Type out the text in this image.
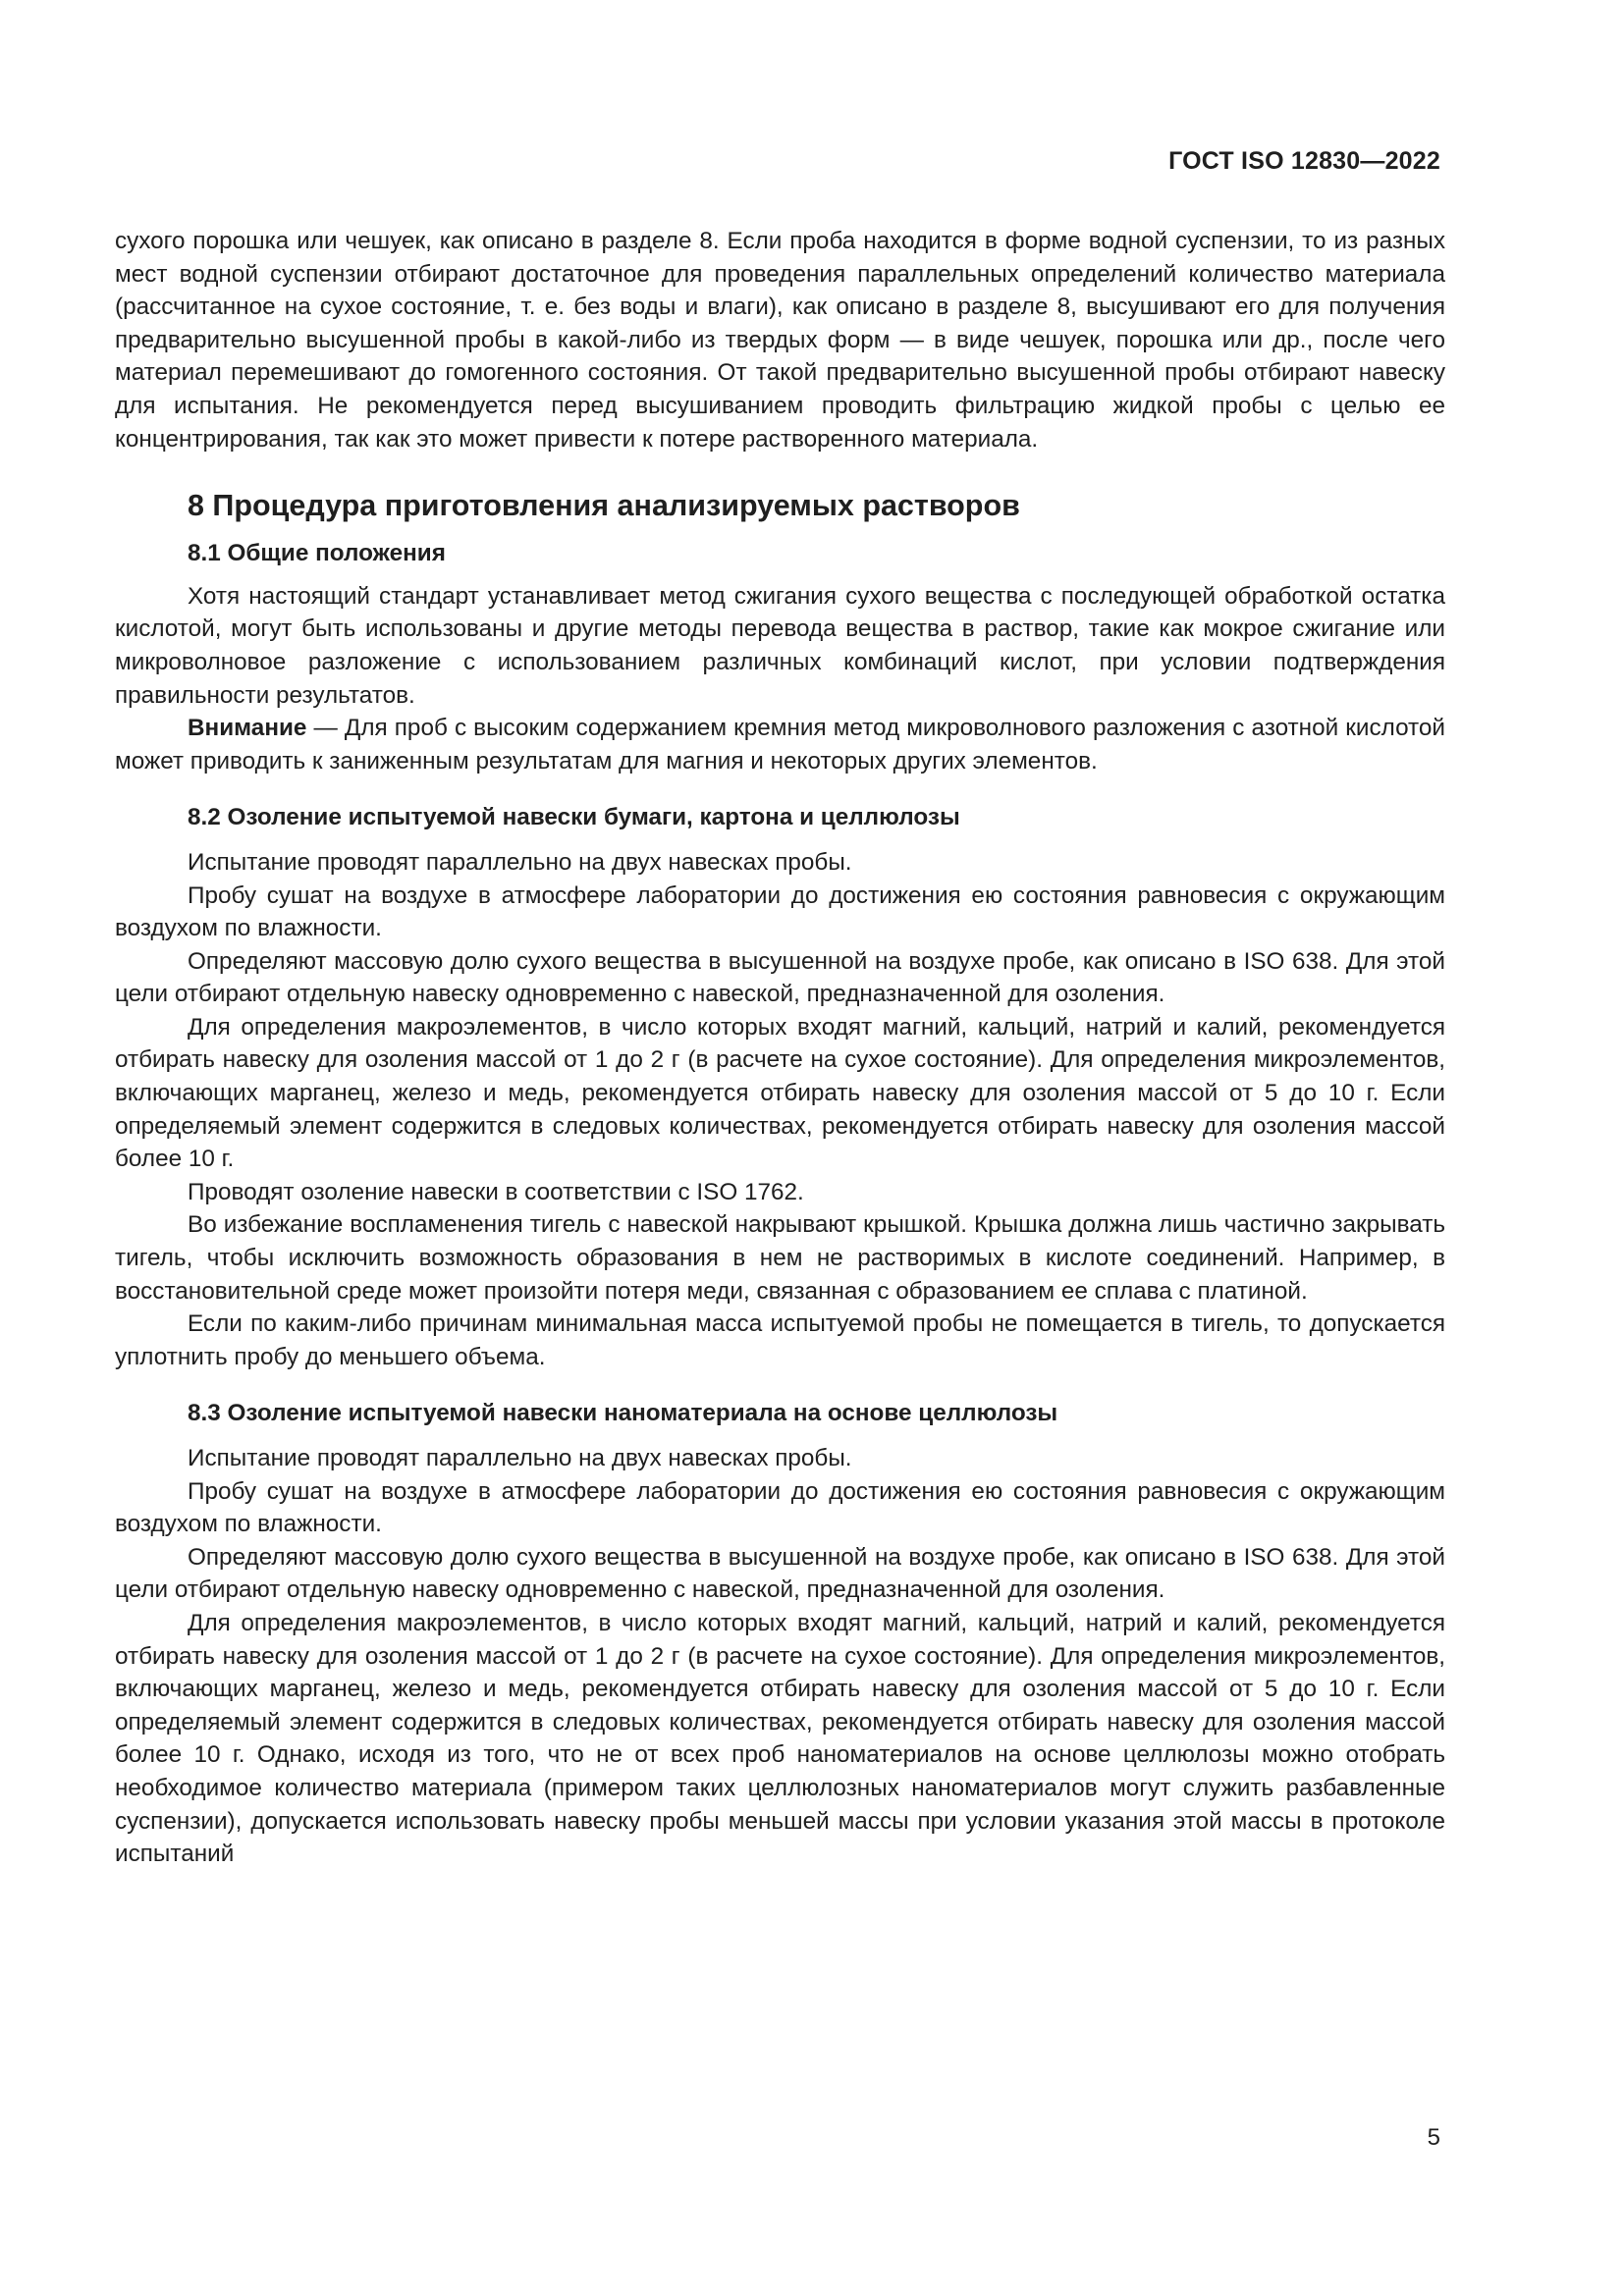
ГОСТ ISO 12830—2022

сухого порошка или чешуек, как описано в разделе 8. Если проба находится в форме водной суспензии, то из разных мест водной суспензии отбирают достаточное для проведения параллельных определений количество материала (рассчитанное на сухое состояние, т. е. без воды и влаги), как описано в разделе 8, высушивают его для получения предварительно высушенной пробы в какой-либо из твердых форм — в виде чешуек, порошка или др., после чего материал перемешивают до гомогенного состояния. От такой предварительно высушенной пробы отбирают навеску для испытания. Не рекомендуется перед высушиванием проводить фильтрацию жидкой пробы с целью ее концентрирования, так как это может привести к потере растворенного материала.

8 Процедура приготовления анализируемых растворов
8.1 Общие положения

Хотя настоящий стандарт устанавливает метод сжигания сухого вещества с последующей обработкой остатка кислотой, могут быть использованы и другие методы перевода вещества в раствор, такие как мокрое сжигание или микроволновое разложение с использованием различных комбинаций кислот, при условии подтверждения правильности результатов.

Внимание — Для проб с высоким содержанием кремния метод микроволнового разложения с азотной кислотой может приводить к заниженным результатам для магния и некоторых других элементов.

8.2 Озоление испытуемой навески бумаги, картона и целлюлозы

Испытание проводят параллельно на двух навесках пробы.

Пробу сушат на воздухе в атмосфере лаборатории до достижения ею состояния равновесия с окружающим воздухом по влажности.

Определяют массовую долю сухого вещества в высушенной на воздухе пробе, как описано в ISO 638. Для этой цели отбирают отдельную навеску одновременно с навеской, предназначенной для озоления.

Для определения макроэлементов, в число которых входят магний, кальций, натрий и калий, рекомендуется отбирать навеску для озоления массой от 1 до 2 г (в расчете на сухое состояние). Для определения микроэлементов, включающих марганец, железо и медь, рекомендуется отбирать навеску для озоления массой от 5 до 10 г. Если определяемый элемент содержится в следовых количествах, рекомендуется отбирать навеску для озоления массой более 10 г.

Проводят озоление навески в соответствии с ISO 1762.

Во избежание воспламенения тигель с навеской накрывают крышкой. Крышка должна лишь частично закрывать тигель, чтобы исключить возможность образования в нем не растворимых в кислоте соединений. Например, в восстановительной среде может произойти потеря меди, связанная с образованием ее сплава с платиной.

Если по каким-либо причинам минимальная масса испытуемой пробы не помещается в тигель, то допускается уплотнить пробу до меньшего объема.

8.3 Озоление испытуемой навески наноматериала на основе целлюлозы

Испытание проводят параллельно на двух навесках пробы.

Пробу сушат на воздухе в атмосфере лаборатории до достижения ею состояния равновесия с окружающим воздухом по влажности.

Определяют массовую долю сухого вещества в высушенной на воздухе пробе, как описано в ISO 638. Для этой цели отбирают отдельную навеску одновременно с навеской, предназначенной для озоления.

Для определения макроэлементов, в число которых входят магний, кальций, натрий и калий, рекомендуется отбирать навеску для озоления массой от 1 до 2 г (в расчете на сухое состояние). Для определения микроэлементов, включающих марганец, железо и медь, рекомендуется отбирать навеску для озоления массой от 5 до 10 г. Если определяемый элемент содержится в следовых количествах, рекомендуется отбирать навеску для озоления массой более 10 г. Однако, исходя из того, что не от всех проб наноматериалов на основе целлюлозы можно отобрать необходимое количество материала (примером таких целлюлозных наноматериалов могут служить разбавленные суспензии), допускается использовать навеску пробы меньшей массы при условии указания этой массы в протоколе испытаний

5
